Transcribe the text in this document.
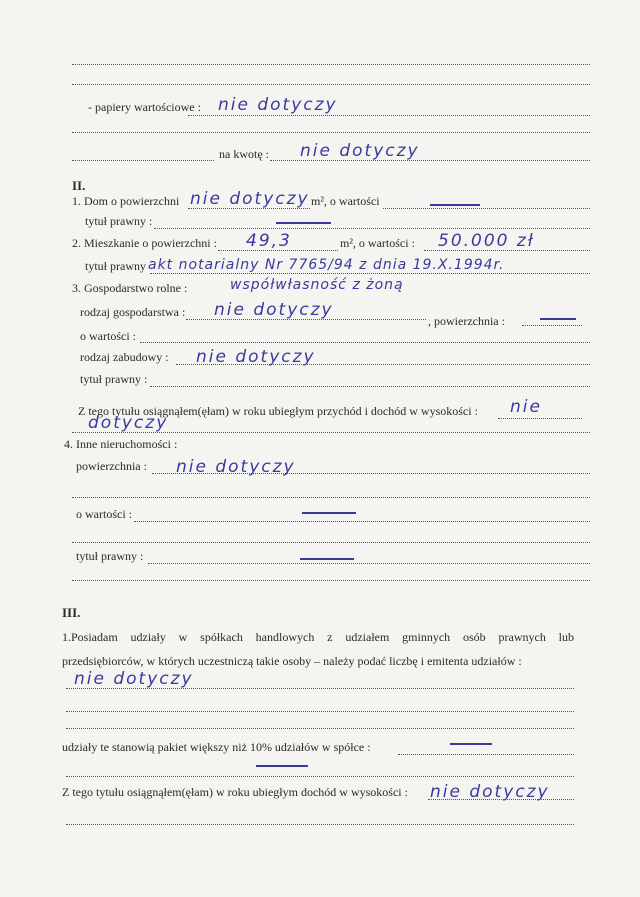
- papiery wartościowe : nie dotyczy
na kwotę : nie dotyczy
II.
1. Dom o powierzchni nie dotyczy m², o wartości
tytuł prawny :
2. Mieszkanie o powierzchni : 49,3	m², o wartości : 50.000 zł
tytuł prawny akt notarialny Nr 7765/94 z dnia 19.X.1994r.
3. Gospodarstwo rolne :	współwłasność z żoną
rodzaj gospodarstwa : nie dotyczy
, powierzchnia :
o wartości :
rodzaj zabudowy : nie dotyczy
tytuł prawny :
Z tego tytułu osiągnąłem(ęłam) w roku ubiegłym przychód i dochód w wysokości : nie
dotyczy
4. Inne nieruchomości :
powierzchnia : nie dotyczy
o wartości :
tytuł prawny :
III.
1.Posiadam udziały w spółkach handlowych z udziałem gminnych osób prawnych lub
przedsiębiorców, w których uczestniczą takie osoby – należy podać liczbę i emitenta udziałów :
nie dotyczy
udziały te stanowią pakiet większy niż 10% udziałów w spółce :
Z tego tytułu osiągnąłem(ęłam) w roku ubiegłym dochód w wysokości : nie dotyczy
